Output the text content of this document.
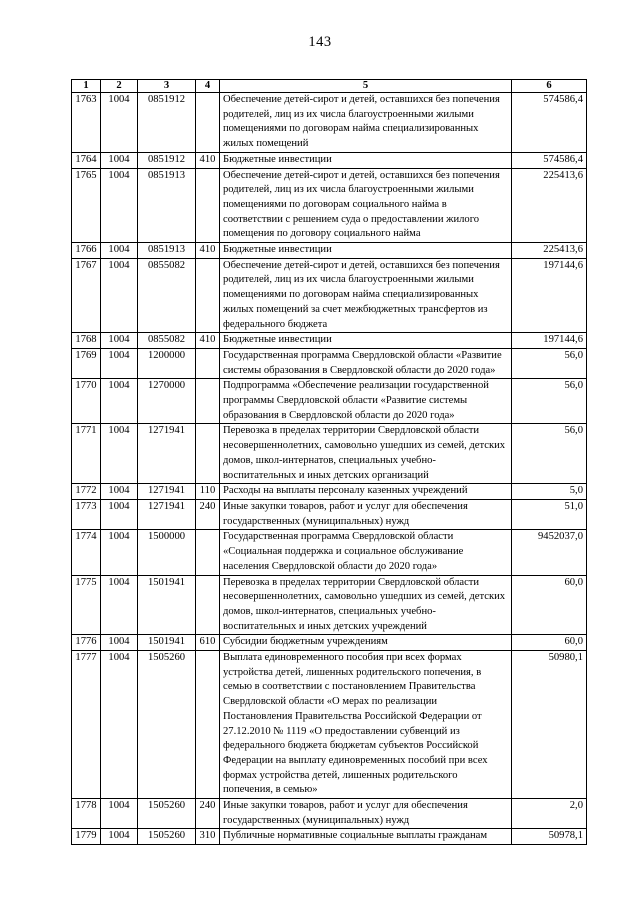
143
1	2	3	4	5	6
1763	1004	0851912		Обеспечение детей-сирот и детей, оставшихся без попечения родителей, лиц из их числа благоустроенными жилыми помещениями по договорам найма специализированных жилых помещений	574586,4
1764	1004	0851912	410	Бюджетные инвестиции	574586,4
1765	1004	0851913		Обеспечение детей-сирот и детей, оставшихся без попечения родителей, лиц из их числа благоустроенными жилыми помещениями по договорам социального найма в соответствии с решением суда о предоставлении жилого помещения по договору социального найма	225413,6
1766	1004	0851913	410	Бюджетные инвестиции	225413,6
1767	1004	0855082		Обеспечение детей-сирот и детей, оставшихся без попечения родителей, лиц из их числа благоустроенными жилыми помещениями по договорам найма специализированных жилых помещений за счет межбюджетных трансфертов из федерального бюджета	197144,6
1768	1004	0855082	410	Бюджетные инвестиции	197144,6
1769	1004	1200000		Государственная программа Свердловской области «Развитие системы образования в Свердловской области до 2020 года»	56,0
1770	1004	1270000		Подпрограмма «Обеспечение реализации государственной программы Свердловской области «Развитие системы образования в Свердловской области до 2020 года»	56,0
1771	1004	1271941		Перевозка в пределах территории Свердловской области несовершеннолетних, самовольно ушедших из семей, детских домов, школ-интернатов, специальных учебно-воспитательных и иных детских организаций	56,0
1772	1004	1271941	110	Расходы на выплаты персоналу казенных учреждений	5,0
1773	1004	1271941	240	Иные закупки товаров, работ и услуг для обеспечения государственных (муниципальных) нужд	51,0
1774	1004	1500000		Государственная программа Свердловской области «Социальная поддержка и социальное обслуживание населения Свердловской области до 2020 года»	9452037,0
1775	1004	1501941		Перевозка в пределах территории Свердловской области несовершеннолетних, самовольно ушедших из семей, детских домов, школ-интернатов, специальных учебно-воспитательных и иных детских учреждений	60,0
1776	1004	1501941	610	Субсидии бюджетным учреждениям	60,0
1777	1004	1505260		Выплата единовременного пособия при всех формах устройства детей, лишенных родительского попечения, в семью в соответствии с постановлением Правительства Свердловской области «О мерах по реализации Постановления Правительства Российской Федерации от 27.12.2010 № 1119 «О предоставлении субвенций из федерального бюджета бюджетам субъектов Российской Федерации на выплату единовременных пособий при всех формах устройства детей, лишенных родительского попечения, в семью»	50980,1
1778	1004	1505260	240	Иные закупки товаров, работ и услуг для обеспечения государственных (муниципальных) нужд	2,0
1779	1004	1505260	310	Публичные нормативные социальные выплаты гражданам	50978,1
